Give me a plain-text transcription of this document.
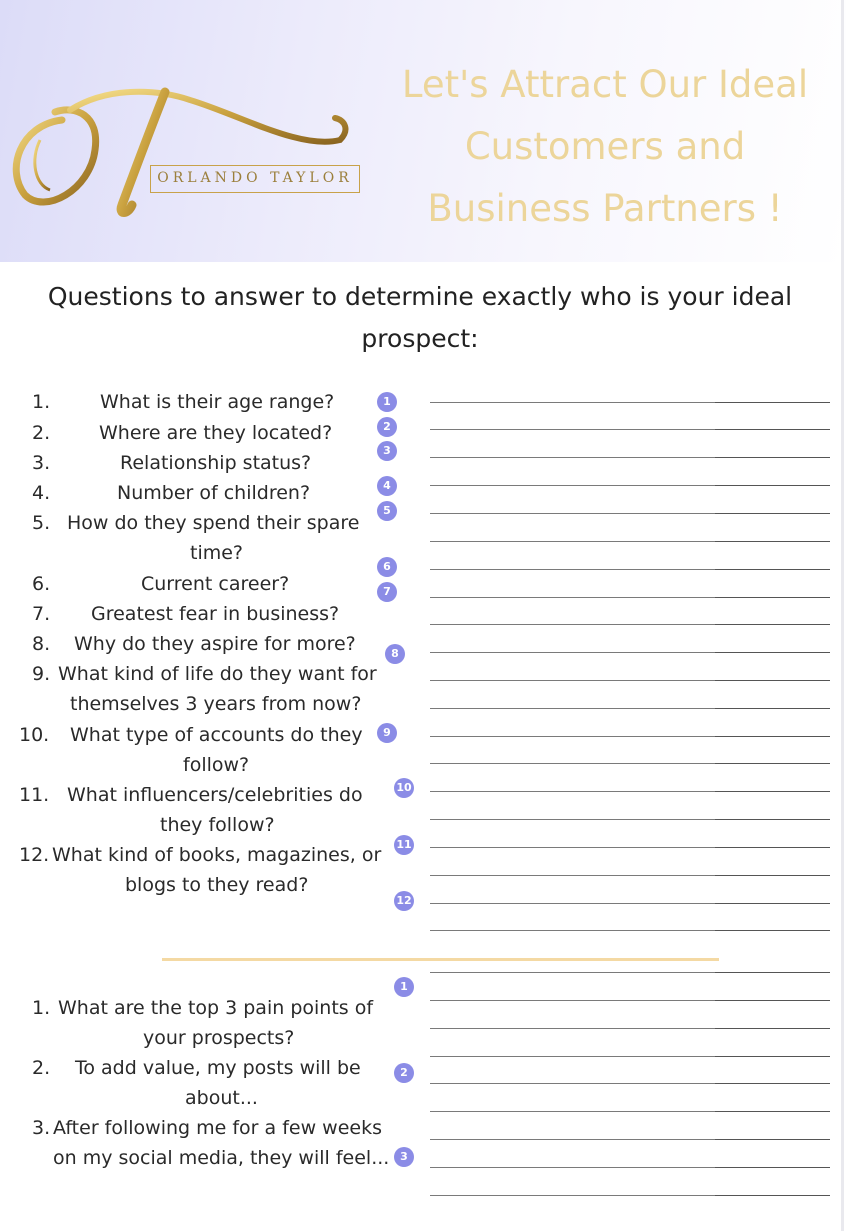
ORLANDO TAYLOR
Let's Attract Our Ideal
Customers and
Business Partners !
Questions to answer to determine exactly who is your ideal
prospect:
1.	What is their age range?
2.	Where are they located?
3.	Relationship status?
4.	Number of children?
5. How do they spend their spare
time?
6.	Current career?
7. Greatest fear in business?
8. Why do they aspire for more?
9. What kind of life do they want for
themselves 3 years from now?
10. What type of accounts do they
follow?
11. What influencers/celebrities do
they follow?
12. What kind of books, magazines, or
blogs to they read?
1
2
3
4
5
6
7
8
9
10
11
12
1. What are the top 3 pain points of
your prospects?
2. To add value, my posts will be
about...
3. After following me for a few weeks
on my social media, they will feel...
1
2
3
